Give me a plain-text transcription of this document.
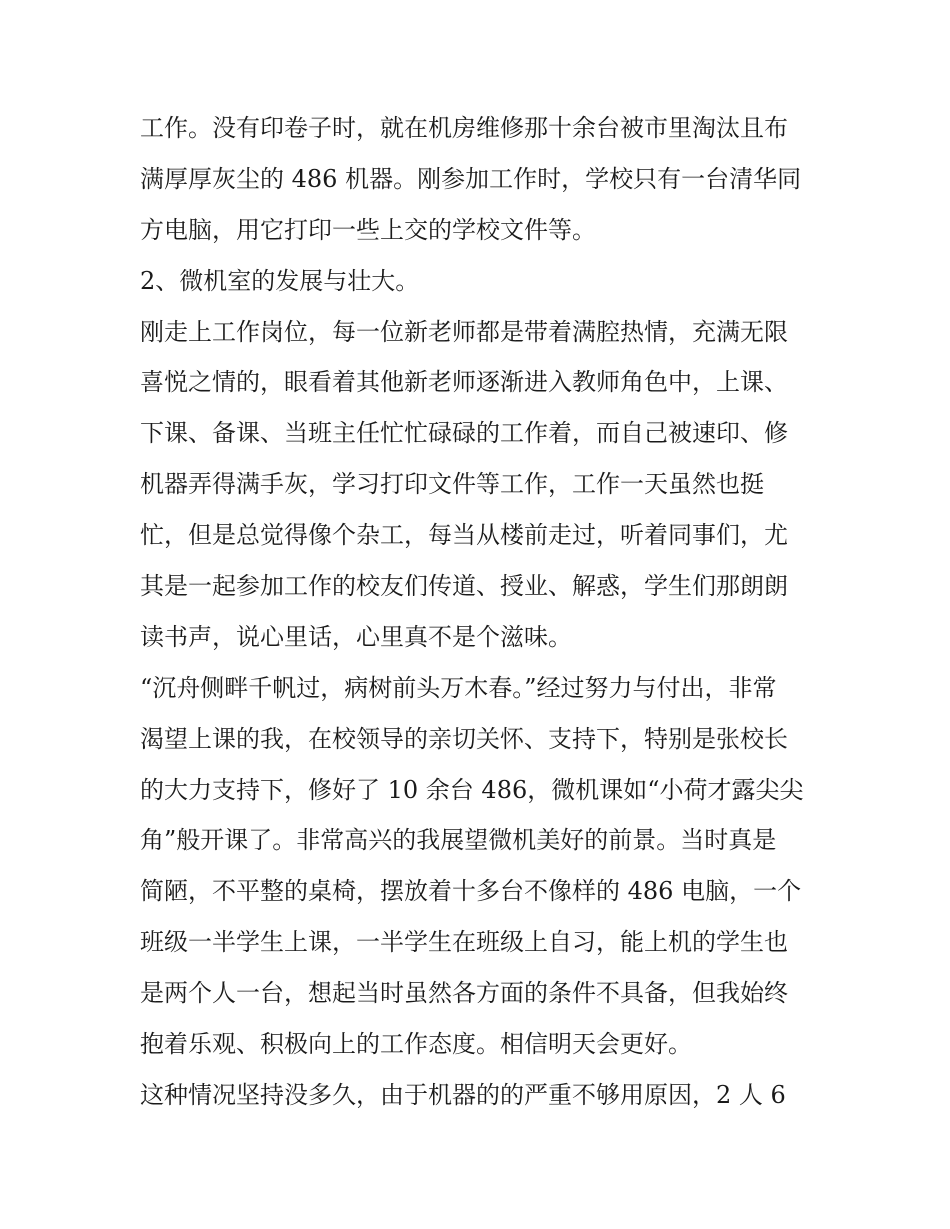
工作。没有印卷子时，就在机房维修那十余台被市里淘汰且布
满厚厚灰尘的 486 机器。刚参加工作时，学校只有一台清华同
方电脑，用它打印一些上交的学校文件等。
2、微机室的发展与壮大。
刚走上工作岗位，每一位新老师都是带着满腔热情，充满无限
喜悦之情的，眼看着其他新老师逐渐进入教师角色中，上课、
下课、备课、当班主任忙忙碌碌的工作着，而自己被速印、修
机器弄得满手灰，学习打印文件等工作，工作一天虽然也挺
忙，但是总觉得像个杂工，每当从楼前走过，听着同事们，尤
其是一起参加工作的校友们传道、授业、解惑，学生们那朗朗
读书声，说心里话，心里真不是个滋味。
“沉舟侧畔千帆过，病树前头万木春。”经过努力与付出，非常
渴望上课的我，在校领导的亲切关怀、支持下，特别是张校长
的大力支持下，修好了 10 余台 486，微机课如“小荷才露尖尖
角”般开课了。非常高兴的我展望微机美好的前景。当时真是
简陋，不平整的桌椅，摆放着十多台不像样的 486 电脑，一个
班级一半学生上课，一半学生在班级上自习，能上机的学生也
是两个人一台，想起当时虽然各方面的条件不具备，但我始终
抱着乐观、积极向上的工作态度。相信明天会更好。
这种情况坚持没多久，由于机器的的严重不够用原因，2 人 6
